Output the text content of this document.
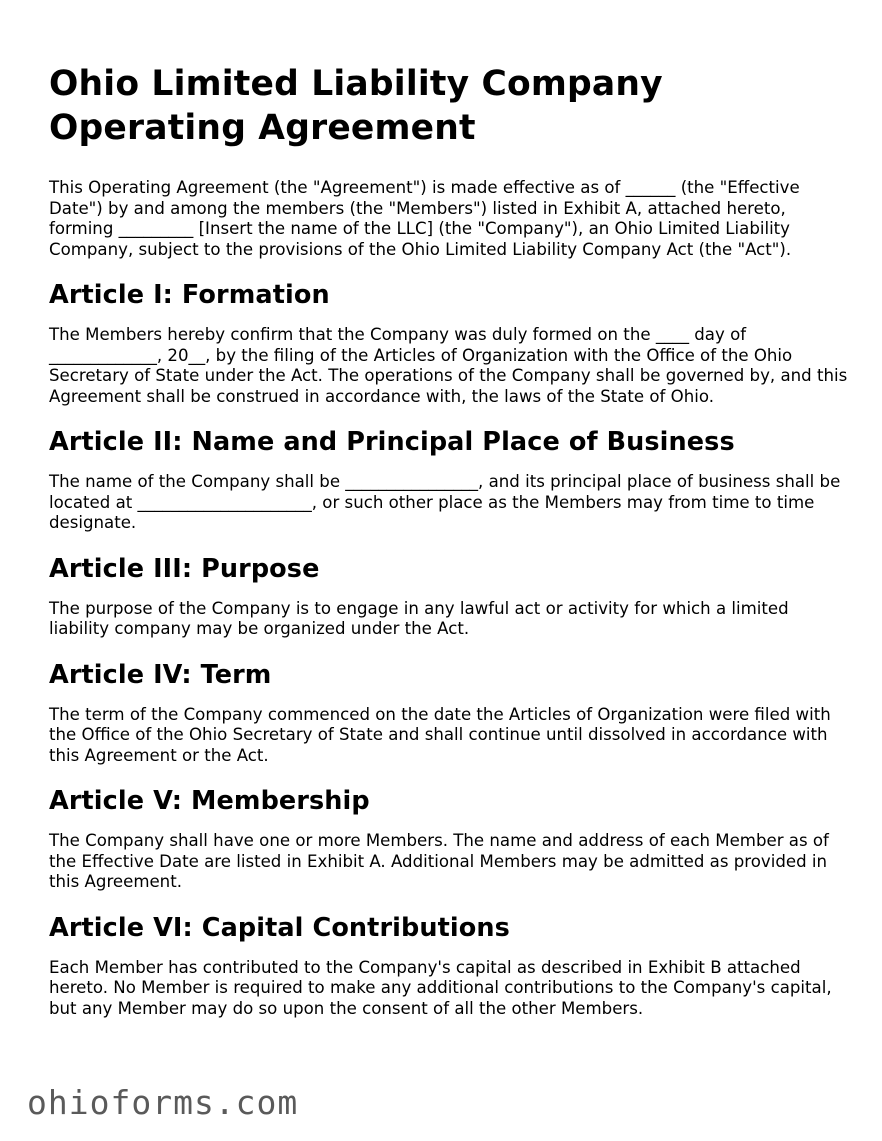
Ohio Limited Liability Company Operating Agreement

This Operating Agreement (the "Agreement") is made effective as of ______ (the "Effective Date") by and among the members (the "Members") listed in Exhibit A, attached hereto, forming _________ [Insert the name of the LLC] (the "Company"), an Ohio Limited Liability Company, subject to the provisions of the Ohio Limited Liability Company Act (the "Act").

Article I: Formation

The Members hereby confirm that the Company was duly formed on the ____ day of _____________, 20__, by the filing of the Articles of Organization with the Office of the Ohio Secretary of State under the Act. The operations of the Company shall be governed by, and this Agreement shall be construed in accordance with, the laws of the State of Ohio.

Article II: Name and Principal Place of Business

The name of the Company shall be ________________, and its principal place of business shall be located at _____________________, or such other place as the Members may from time to time designate.

Article III: Purpose

The purpose of the Company is to engage in any lawful act or activity for which a limited liability company may be organized under the Act.

Article IV: Term

The term of the Company commenced on the date the Articles of Organization were filed with the Office of the Ohio Secretary of State and shall continue until dissolved in accordance with this Agreement or the Act.

Article V: Membership

The Company shall have one or more Members. The name and address of each Member as of the Effective Date are listed in Exhibit A. Additional Members may be admitted as provided in this Agreement.

Article VI: Capital Contributions

Each Member has contributed to the Company's capital as described in Exhibit B attached hereto. No Member is required to make any additional contributions to the Company's capital, but any Member may do so upon the consent of all the other Members.

ohioforms.com
